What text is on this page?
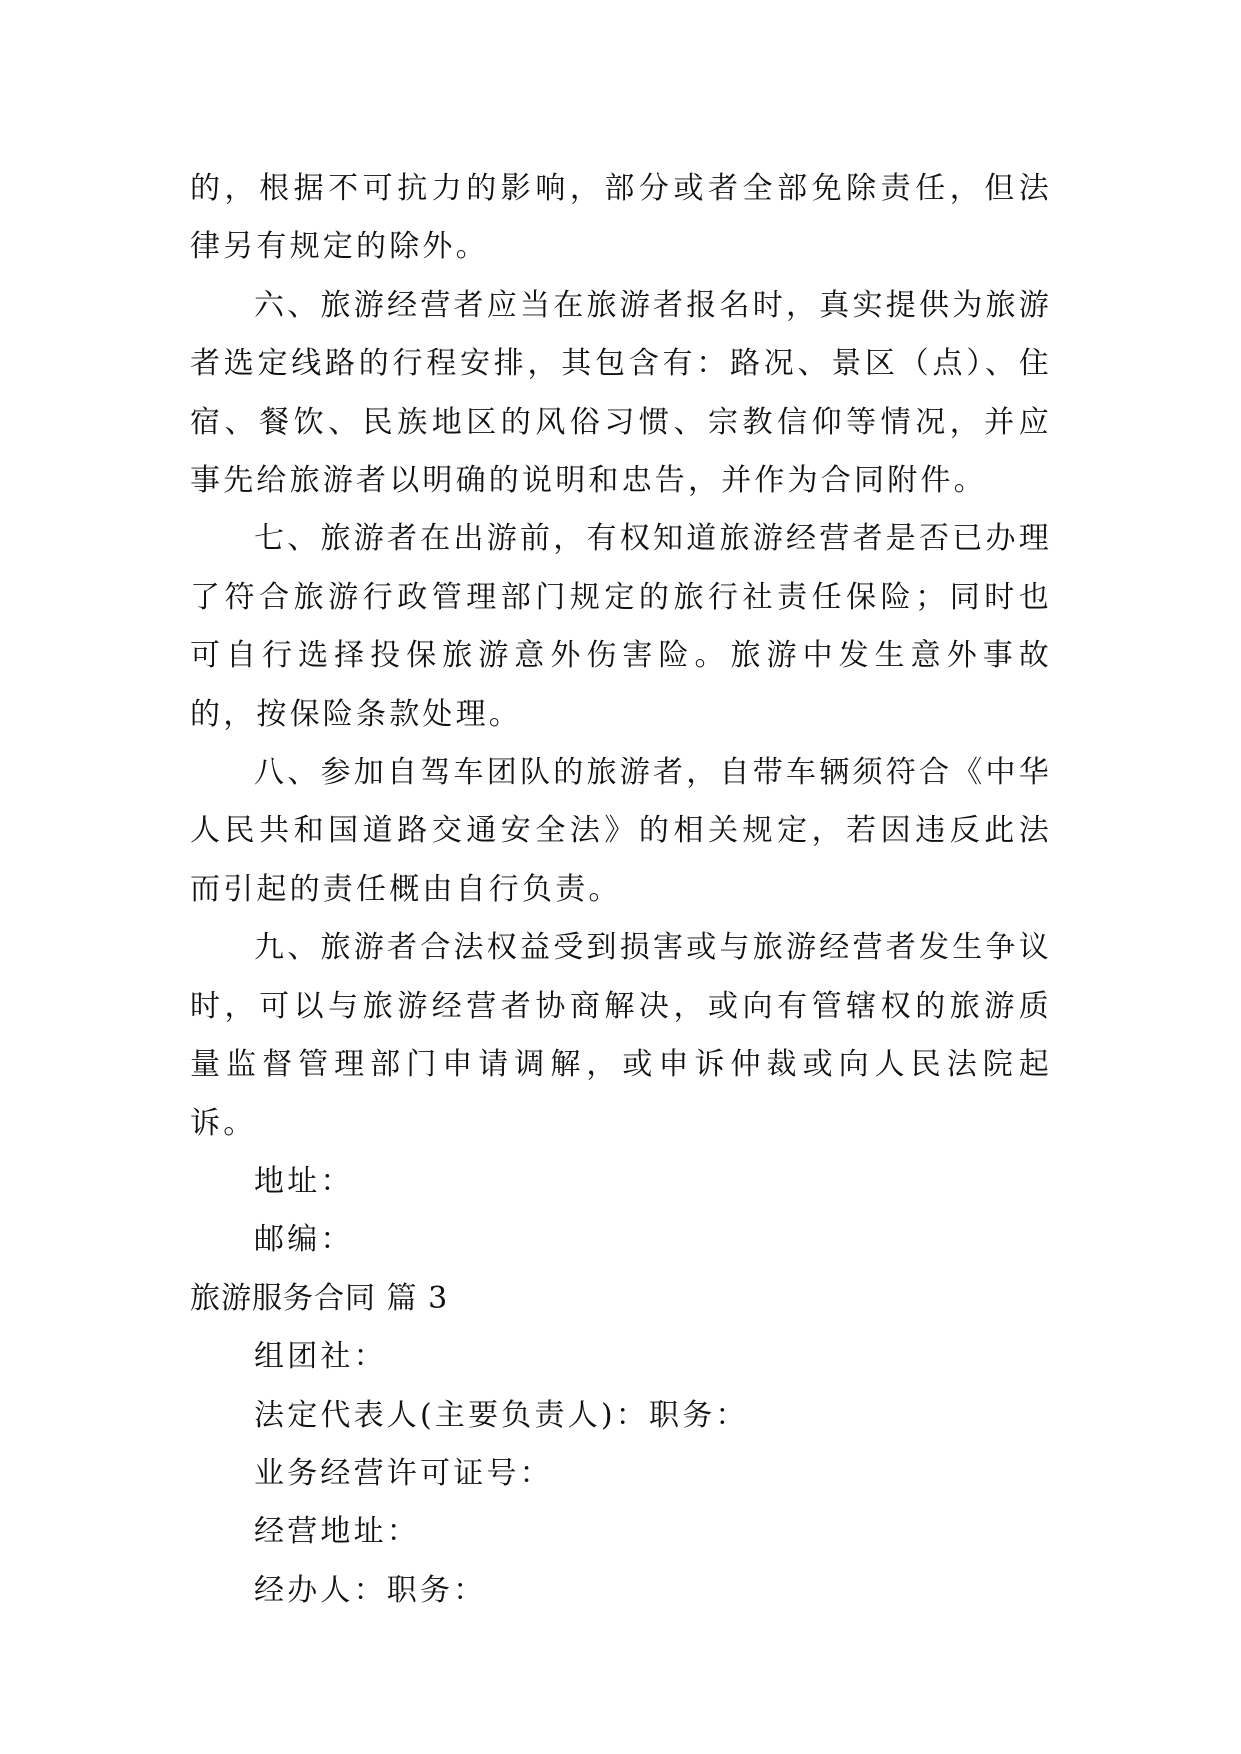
的，根据不可抗力的影响，部分或者全部免除责任，但法律另有规定的除外。

六、旅游经营者应当在旅游者报名时，真实提供为旅游者选定线路的行程安排，其包含有：路况、景区（点）、住宿、餐饮、民族地区的风俗习惯、宗教信仰等情况，并应事先给旅游者以明确的说明和忠告，并作为合同附件。

七、旅游者在出游前，有权知道旅游经营者是否已办理了符合旅游行政管理部门规定的旅行社责任保险；同时也可自行选择投保旅游意外伤害险。旅游中发生意外事故的，按保险条款处理。

八、参加自驾车团队的旅游者，自带车辆须符合《中华人民共和国道路交通安全法》的相关规定，若因违反此法而引起的责任概由自行负责。

九、旅游者合法权益受到损害或与旅游经营者发生争议时，可以与旅游经营者协商解决，或向有管辖权的旅游质量监督管理部门申请调解，或申诉仲裁或向人民法院起诉。

地址：

邮编：

旅游服务合同 篇 3

组团社：

法定代表人(主要负责人)：职务：

业务经营许可证号：

经营地址：

经办人：职务：
